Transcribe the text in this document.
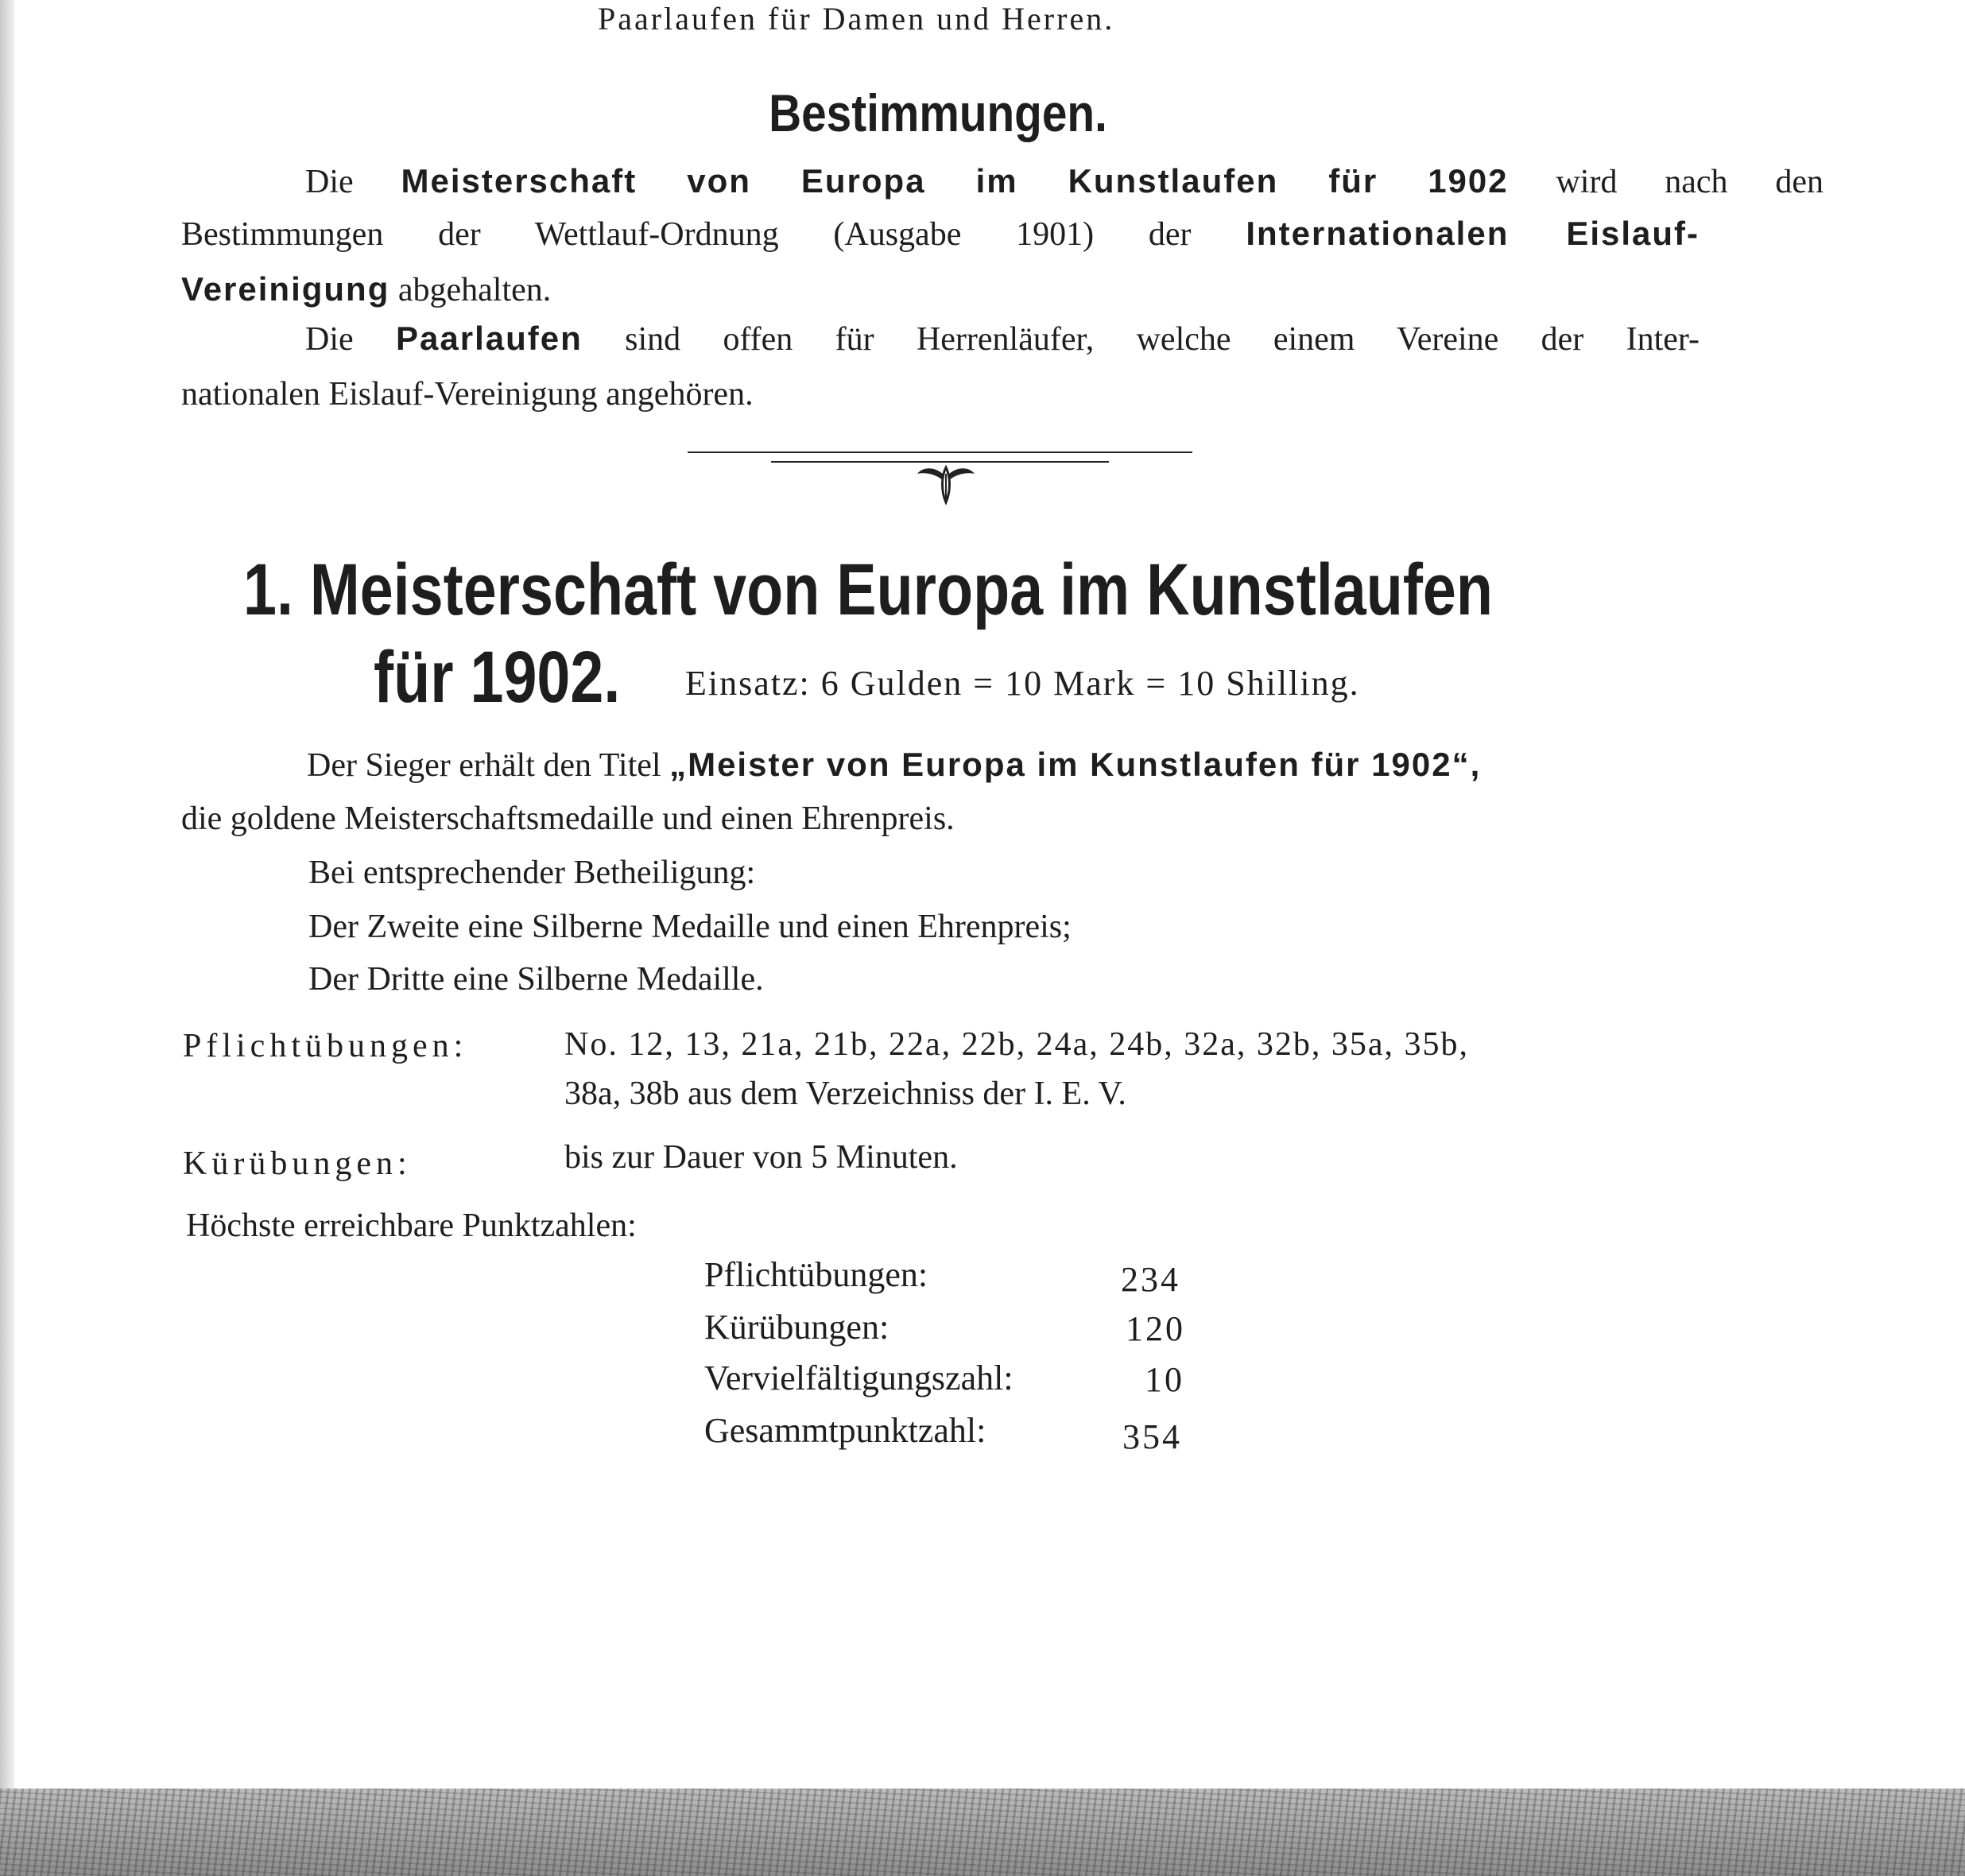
Paarlaufen für Damen und Herren.
Bestimmungen.
Die Meisterschaft von Europa im Kunstlaufen für 1902 wird nach den
Bestimmungen der Wettlauf-Ordnung (Ausgabe 1901) der Internationalen Eislauf-
Vereinigung abgehalten.
Die Paarlaufen sind offen für Herrenläufer, welche einem Vereine der Inter-
nationalen Eislauf-Vereinigung angehören.
1. Meisterschaft von Europa im Kunstlaufen
für 1902. Einsatz: 6 Gulden = 10 Mark = 10 Shilling.
Der Sieger erhält den Titel „Meister von Europa im Kunstlaufen für 1902“,
die goldene Meisterschaftsmedaille und einen Ehrenpreis.
Bei entsprechender Betheiligung:
Der Zweite eine Silberne Medaille und einen Ehrenpreis;
Der Dritte eine Silberne Medaille.
Pflichtübungen:	No. 12, 13, 21a, 21b, 22a, 22b, 24a, 24b, 32a, 32b, 35a, 35b,
38a, 38b aus dem Verzeichniss der I. E. V.
Kürübungen:	bis zur Dauer von 5 Minuten.
Höchste erreichbare Punktzahlen:
Pflichtübungen:	234
Kürübungen:	120
Vervielfältigungszahl:	10
Gesammtpunktzahl:	354
